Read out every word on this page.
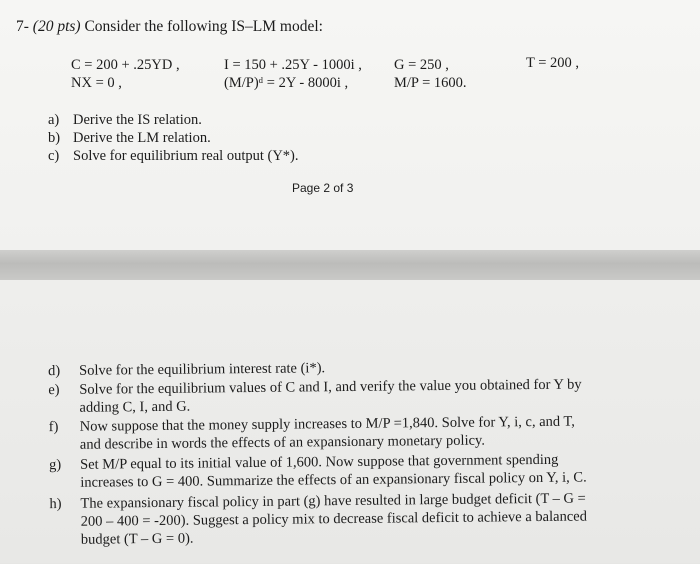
7- (20 pts) Consider the following IS–LM model:
C = 200 + .25YD ,	I = 150 + .25Y - 1000i , G = 250 ,	T = 200 ,
NX = 0 ,	(M/P)ᵈ = 2Y - 8000i ,	M/P = 1600.
a) Derive the IS relation.
b) Derive the LM relation.
c) Solve for equilibrium real output (Y*).
Page 2 of 3
d) Solve for the equilibrium interest rate (i*).
e) Solve for the equilibrium values of C and I, and verify the value you obtained for Y by
adding C, I, and G.
f) Now suppose that the money supply increases to M/P =1,840. Solve for Y, i, c, and T,
and describe in words the effects of an expansionary monetary policy.
g) Set M/P equal to its initial value of 1,600. Now suppose that government spending
increases to G = 400. Summarize the effects of an expansionary fiscal policy on Y, i, C.
h) The expansionary fiscal policy in part (g) have resulted in large budget deficit (T – G =
200 – 400 = -200). Suggest a policy mix to decrease fiscal deficit to achieve a balanced
budget (T – G = 0).
